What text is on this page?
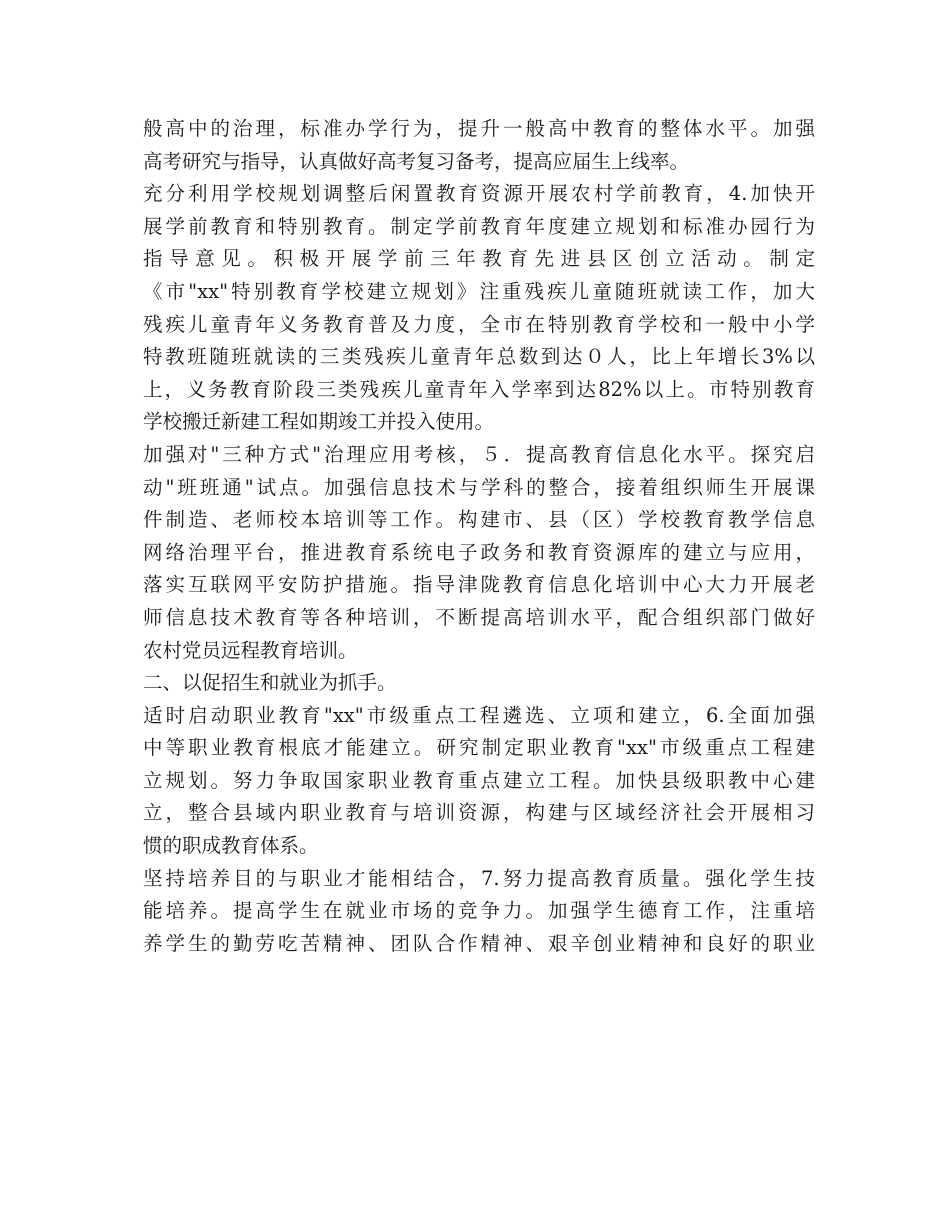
般高中的治理，标准办学行为，提升一般高中教育的整体水平。加强
高考研究与指导，认真做好高考复习备考，提高应届生上线率。
充分利用学校规划调整后闲置教育资源开展农村学前教育，4.加快开
展学前教育和特别教育。制定学前教育年度建立规划和标准办园行为
指导意见。积极开展学前三年教育先进县区创立活动。制定
《市"xx"特别教育学校建立规划》注重残疾儿童随班就读工作，加大
残疾儿童青年义务教育普及力度，全市在特别教育学校和一般中小学
特教班随班就读的三类残疾儿童青年总数到达０人，比上年增长3%以
上，义务教育阶段三类残疾儿童青年入学率到达82%以上。市特别教育
学校搬迁新建工程如期竣工并投入使用。
加强对"三种方式"治理应用考核，５．提高教育信息化水平。探究启
动"班班通"试点。加强信息技术与学科的整合，接着组织师生开展课
件制造、老师校本培训等工作。构建市、县（区）学校教育教学信息
网络治理平台，推进教育系统电子政务和教育资源库的建立与应用，
落实互联网平安防护措施。指导津陇教育信息化培训中心大力开展老
师信息技术教育等各种培训，不断提高培训水平，配合组织部门做好
农村党员远程教育培训。
二、以促招生和就业为抓手。
适时启动职业教育"xx"市级重点工程遴选、立项和建立，6.全面加强
中等职业教育根底才能建立。研究制定职业教育"xx"市级重点工程建
立规划。努力争取国家职业教育重点建立工程。加快县级职教中心建
立，整合县域内职业教育与培训资源，构建与区域经济社会开展相习
惯的职成教育体系。
坚持培养目的与职业才能相结合，7.努力提高教育质量。强化学生技
能培养。提高学生在就业市场的竞争力。加强学生德育工作，注重培
养学生的勤劳吃苦精神、团队合作精神、艰辛创业精神和良好的职业
